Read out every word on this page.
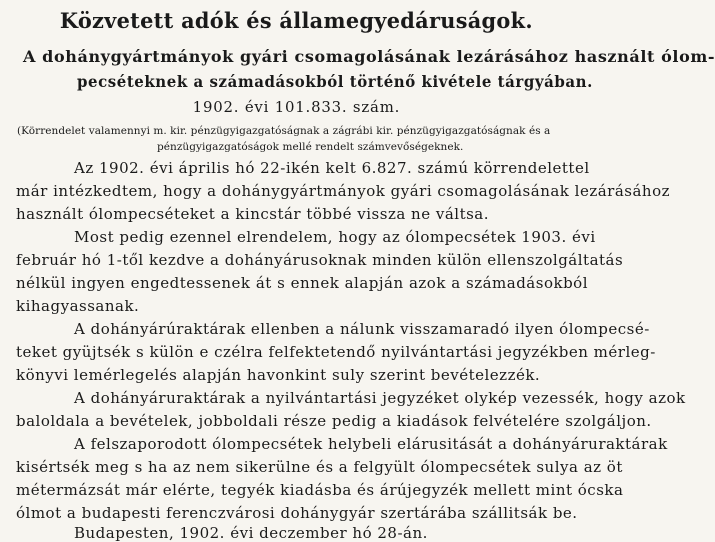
Közvetett adók és államegyedáruságok.
A dohánygyártmányok gyári csomagolásának lezárásához használt ólom-
pecséteknek a számadásokból történő kivétele tárgyában.
1902. évi 101.833. szám.
(Körrendelet valamennyi m. kir. pénzügyigazgatóságnak a zágrábi kir. pénzügyigazgatóságnak és a
pénzügyigazgatóságok mellé rendelt számvevőségeknek.
Az 1902. évi április hó 22-ikén kelt 6.827. számú körrendelettel
már intézkedtem, hogy a dohánygyártmányok gyári csomagolásának lezárásához
használt ólompecséteket a kincstár többé vissza ne váltsa.
Most pedig ezennel elrendelem, hogy az ólompecsétek 1903. évi
február hó 1-től kezdve a dohányárusoknak minden külön ellenszolgáltatás
nélkül ingyen engedtessenek át s ennek alapján azok a számadásokból
kihagyassanak.
A dohányárúraktárak ellenben a nálunk visszamaradó ilyen ólompecsé-
teket gyüjtsék s külön e czélra felfektetendő nyilvántartási jegyzékben mérleg-
könyvi lemérlegelés alapján havonkint suly szerint bevételezzék.
A dohányáruraktárak a nyilvántartási jegyzéket olykép vezessék, hogy azok
baloldala a bevételek, jobboldali része pedig a kiadások felvételére szolgáljon.
A felszaporodott ólompecsétek helybeli elárusitását a dohányáruraktárak
kisértsék meg s ha az nem sikerülne és a felgyült ólompecsétek sulya az öt
métermázsát már elérte, tegyék kiadásba és árújegyzék mellett mint ócska
ólmot a budapesti ferenczvárosi dohánygyár szertárába szállitsák be.
Budapesten, 1902. évi deczember hó 28-án.
